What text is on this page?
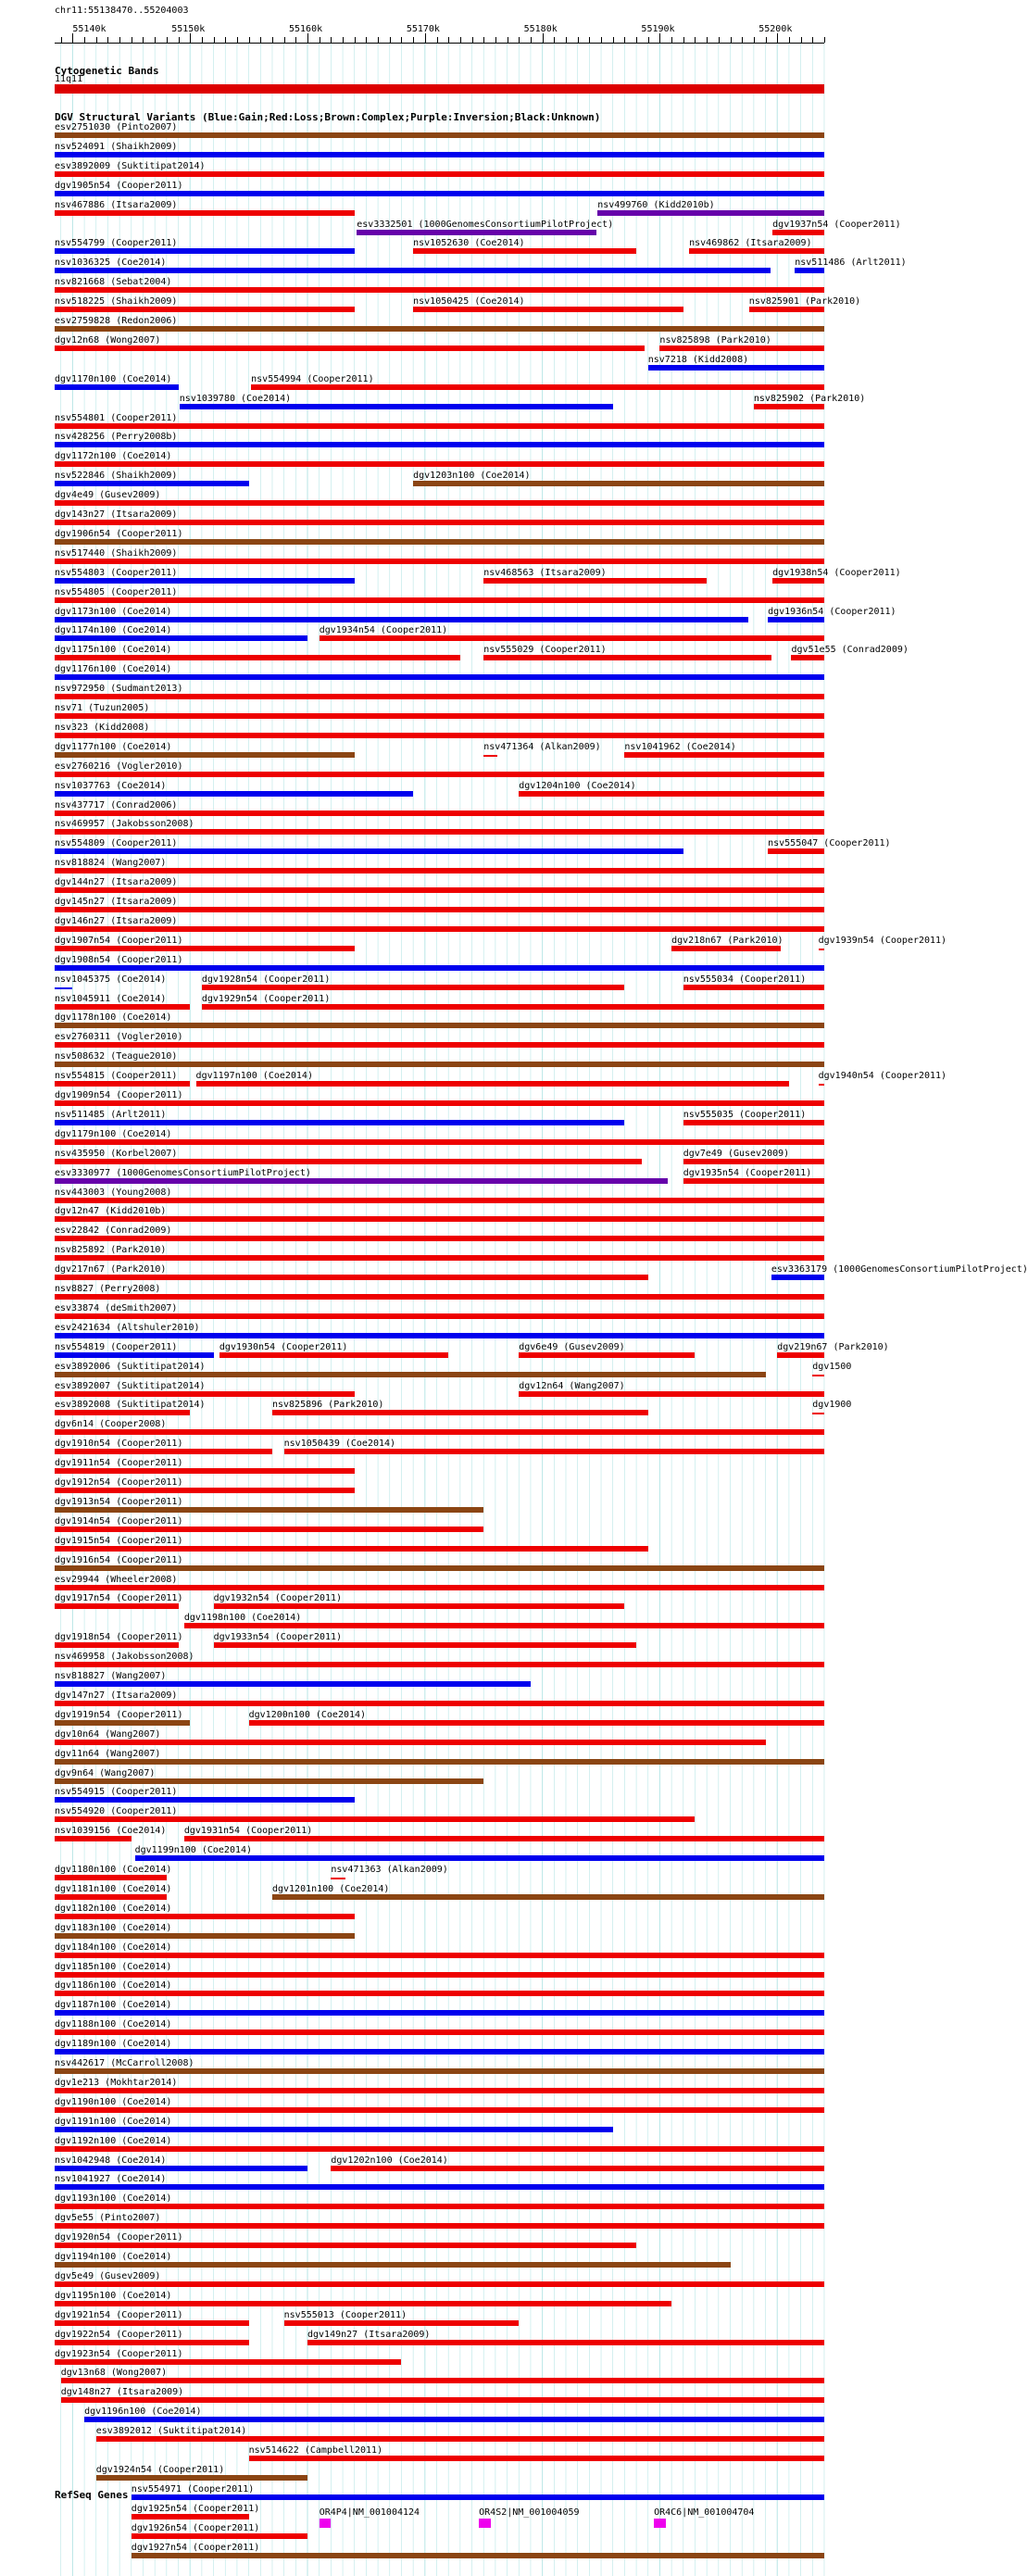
chr11:55138470..55204003
55140k	55150k	55160k	55170k	55180k	55190k	55200k
Cytogenetic Bands
11q11
DGV Structural Variants (Blue:Gain;Red:Loss;Brown:Complex;Purple:Inversion;Black:Unknown)
esv2751030 (Pinto2007)
nsv524091 (Shaikh2009)
esv3892009 (Suktitipat2014)
dgv1905n54 (Cooper2011)
nsv467886 (Itsara2009)
esv3332501 (1000GenomesConsortiumPilotProject)
nsv499760 (Kidd2010b)
nsv554799 (Cooper2011)	nsv1052630 (Coe2014)
nsv1036325 (Coe2014)
dgv1937n54 (Cooper2011)
nsv821668 (Sebat2004)
nsv518225 (Shaikh2009)	nsv1050425 (Coe2014)
nsv469862 (Itsara2009)
esv2759828 (Redon2006)
dgv12n68 (Wong2007)
nsv7218 (Kidd2008)
dgv1170n100 (Coe2014)
nsv1039780 (Coe2014)
nsv825898 (Park2010)
nsv554801 (Cooper2011)
nsv428256 (Perry2008b)
dgv1172n100 (Coe2014)
nsv522846 (Shaikh2009)
nsv554994 (Cooper2011)
dgv4e49 (Gusev2009)
dgv143n27 (Itsara2009)
dgv1906n54 (Cooper2011)
nsv517440 (Shaikh2009)
nsv554803 (Cooper2011)
dgv1203n100 (Coe2014)
nsv554805 (Cooper2011)
dgv1173n100 (Coe2014)
nsv825901 (Park2010)
dgv1174n100 (Coe2014)	dgv1934n54 (Cooper2011)
dgv1175n100 (Coe2014)
nsv468563 (Itsara2009)
nsv825902 (Park2010)
dgv1176n100 (Coe2014)
nsv972950 (Sudmant2013)
nsv71 (Tuzun2005)
nsv323 (Kidd2008)
dgv1177n100 (Coe2014)
nsv555029 (Cooper2011)
dgv1938n54 (Cooper2011)
esv2760216 (Vogler2010)
nsv1037763 (Coe2014)
nsv471364 (Alkan2009)	nsv1041962 (Coe2014)
nsv437717 (Conrad2006)
nsv469957 (Jakobsson2008)
nsv554809 (Cooper2011)
dgv1936n54 (Cooper2011)
nsv818824 (Wang2007)
dgv144n27 (Itsara2009)
dgv145n27 (Itsara2009)
dgv146n27 (Itsara2009)
dgv1907n54 (Cooper2011)
dgv1204n100 (Coe2014)
dgv1908n54 (Cooper2011)
nsv1045375 (Coe2014)	dgv1928n54 (Cooper2011)
dgv218n67 (Park2010)
nsv511486 (Arlt2011)
nsv1045911 (Coe2014)	dgv1929n54 (Cooper2011)
dgv1178n100 (Coe2014)
esv2760311 (Vogler2010)
nsv508632 (Teague2010)
nsv554815 (Cooper2011) dgv1197n100 (Coe2014)
dgv51e55 (Conrad2009)
dgv1909n54 (Cooper2011)
nsv511485 (Arlt2011)
nsv555034 (Cooper2011)
dgv1179n100 (Coe2014)
nsv435950 (Korbel2007)
nsv555035 (Cooper2011)
esv3330977 (1000GenomesConsortiumPilotProject)
dgv7e49 (Gusev2009)
nsv443003 (Young2008)
dgv12n47 (Kidd2010b)
esv22842 (Conrad2009)
nsv825892 (Park2010)
dgv217n67 (Park2010)
dgv1935n54 (Cooper2011)
nsv8827 (Perry2008)
esv33874 (deSmith2007)
esv2421634 (Altshuler2010)
nsv554819 (Cooper2011)	dgv1930n54 (Cooper2011)	dgv6e49 (Gusev2009)
esv3892006 (Suktitipat2014)
esv3892007 (Suktitipat2014)
nsv555047 (Cooper2011)
esv3892008 (Suktitipat2014)	nsv825896 (Park2010)
esv3363179 (1000GenomesConsortiumPilotProject)
dgv6n14 (Cooper2008)
dgv1910n54 (Cooper2011)	nsv1050439 (Coe2014)
dgv1911n54 (Cooper2011)
dgv12n64 (Wang2007)
dgv1912n54 (Cooper2011)
dgv219n67 (Park2010)
dgv1913n54 (Cooper2011)
dgv1939n54 (Cooper2011)
dgv1914n54 (Cooper2011)
dgv1940n54 (Cooper2011)
dgv1915n54 (Cooper2011)
dgv1916n54 (Cooper2011)
esv29944 (Wheeler2008)
dgv1917n54 (Cooper2011)
dgv1198n100 (Coe2014)
dgv1918n54 (Cooper2011)
dgv1932n54 (Cooper2011)
dgv1500
nsv469958 (Jakobsson2008)
nsv818827 (Wang2007)
dgv1900
dgv147n27 (Itsara2009)
dgv1919n54 (Cooper2011)
dgv1933n54 (Cooper2011)
dgv10n64 (Wang2007)
dgv11n64 (Wang2007)
dgv9n64 (Wang2007)
nsv554915 (Cooper2011)
nsv554920 (Cooper2011)
nsv1039156 (Coe2014)
dgv1199n100 (Coe2014)
dgv1180n100 (Coe2014)
dgv1931n54 (Cooper2011)
dgv1181n100 (Coe2014)
dgv1200n100 (Coe2014)
dgv1182n100 (Coe2014)
dgv1183n100 (Coe2014)
dgv1184n100 (Coe2014)
dgv1185n100 (Coe2014)
dgv1186n100 (Coe2014)
dgv1187n100 (Coe2014)
dgv1188n100 (Coe2014)
dgv1189n100 (Coe2014)
nsv442617 (McCarroll2008)
dgv1e213 (Mokhtar2014)
dgv1190n100 (Coe2014)
dgv1191n100 (Coe2014)
dgv1192n100 (Coe2014)
nsv1042948 (Coe2014)
nsv471363 (Alkan2009)
nsv1041927 (Coe2014)
dgv1193n100 (Coe2014)
dgv5e55 (Pinto2007)
dgv1920n54 (Cooper2011)
dgv1194n100 (Coe2014)
dgv5e49 (Gusev2009)
dgv1195n100 (Coe2014)
dgv1921n54 (Cooper2011)
dgv1201n100 (Coe2014)
dgv1922n54 (Cooper2011)
dgv1923n54 (Cooper2011)
dgv13n68 (Wong2007)
dgv148n27 (Itsara2009)
dgv1196n100 (Coe2014)
esv3892012 (Suktitipat2014)
nsv514622 (Campbell2011)
dgv1924n54 (Cooper2011)
dgv1202n100 (Coe2014)
nsv554971 (Cooper2011)
dgv1925n54 (Cooper2011)
nsv555013 (Cooper2011)
dgv1926n54 (Cooper2011)
dgv1927n54 (Cooper2011)
dgv149n27 (Itsara2009)
RefSeq Genes
OR4P4|NM_001004124	OR4S2|NM_001004059	OR4C6|NM_001004704
